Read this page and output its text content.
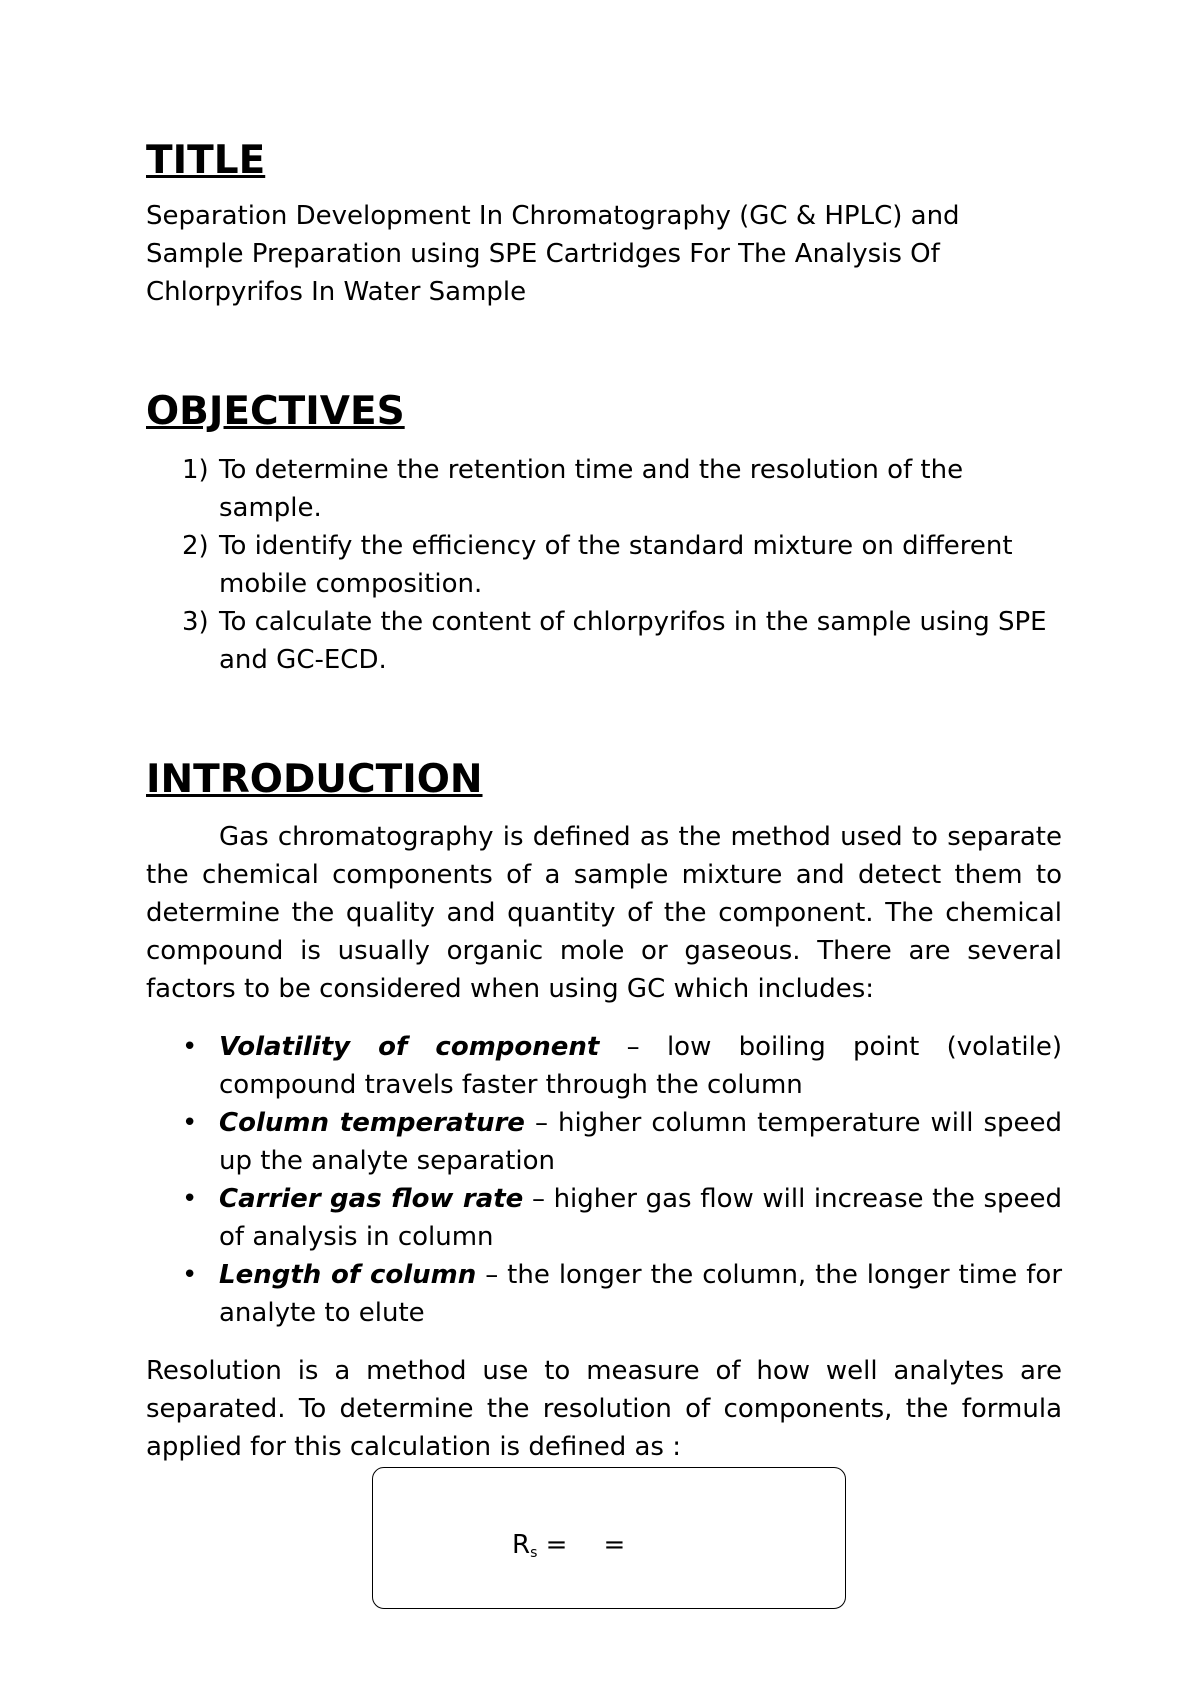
TITLE

Separation Development In Chromatography (GC & HPLC) and
Sample Preparation using SPE Cartridges For The Analysis Of
Chlorpyrifos In Water Sample

OBJECTIVES
1) To determine the retention time and the resolution of the sample.
2) To identify the efficiency of the standard mixture on different mobile composition.
3) To calculate the content of chlorpyrifos in the sample using SPE and GC-ECD.
INTRODUCTION

Gas chromatography is defined as the method used to separate the chemical components of a sample mixture and detect them to determine the quality and quantity of the component. The chemical compound is usually organic mole or gaseous. There are several factors to be considered when using GC which includes:

• Volatility of component – low boiling point (volatile) compound travels faster through the column
• Column temperature – higher column temperature will speed up the analyte separation
• Carrier gas flow rate – higher gas flow will increase the speed of analysis in column
• Length of column – the longer the column, the longer time for analyte to elute

Resolution is a method use to measure of how well analytes are separated. To determine the resolution of components, the formula applied for this calculation is defined as :

$R_s$ = =
